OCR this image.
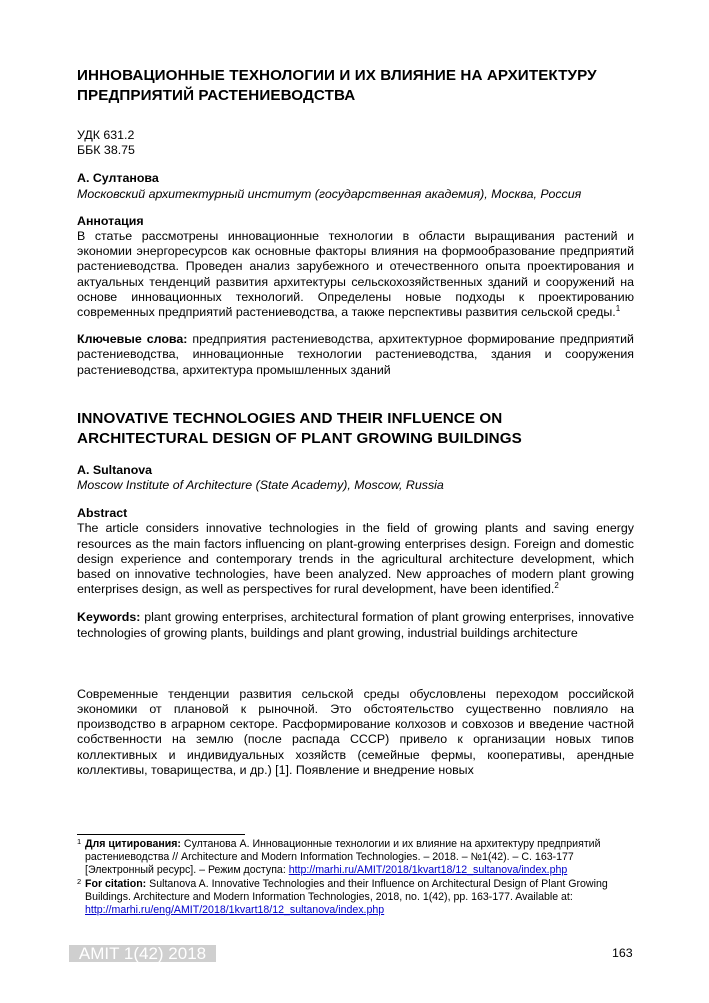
ИННОВАЦИОННЫЕ ТЕХНОЛОГИИ И ИХ ВЛИЯНИЕ НА АРХИТЕКТУРУ ПРЕДПРИЯТИЙ РАСТЕНИЕВОДСТВА
УДК 631.2
ББК 38.75
А. Султанова
Московский архитектурный институт (государственная академия), Москва, Россия
Аннотация
В статье рассмотрены инновационные технологии в области выращивания растений и экономии энергоресурсов как основные факторы влияния на формообразование предприятий растениеводства. Проведен анализ зарубежного и отечественного опыта проектирования и актуальных тенденций развития архитектуры сельскохозяйственных зданий и сооружений на основе инновационных технологий. Определены новые подходы к проектированию современных предприятий растениеводства, а также перспективы развития сельской среды.$^1$
Ключевые слова: предприятия растениеводства, архитектурное формирование предприятий растениеводства, инновационные технологии растениеводства, здания и сооружения растениеводства, архитектура промышленных зданий
INNOVATIVE TECHNOLOGIES AND THEIR INFLUENCE ON ARCHITECTURAL DESIGN OF PLANT GROWING BUILDINGS
A. Sultanova
Moscow Institute of Architecture (State Academy), Moscow, Russia
Abstract
The article considers innovative technologies in the field of growing plants and saving energy resources as the main factors influencing on plant-growing enterprises design. Foreign and domestic design experience and contemporary trends in the agricultural architecture development, which based on innovative technologies, have been analyzed. New approaches of modern plant growing enterprises design, as well as perspectives for rural development, have been identified.$^2$
Keywords: plant growing enterprises, architectural formation of plant growing enterprises, innovative technologies of growing plants, buildings and plant growing, industrial buildings architecture
Современные тенденции развития сельской среды обусловлены переходом российской экономики от плановой к рыночной. Это обстоятельство существенно повлияло на производство в аграрном секторе. Расформирование колхозов и совхозов и введение частной собственности на землю (после распада СССР) привело к организации новых типов коллективных и индивидуальных хозяйств (семейные фермы, кооперативы, арендные коллективы, товарищества, и др.) [1]. Появление и внедрение новых
1 Для цитирования: Султанова А. Инновационные технологии и их влияние на архитектуру предприятий растениеводства // Architecture and Modern Information Technologies. – 2018. – №1(42). – С. 163-177 [Электронный ресурс]. – Режим доступа: http://marhi.ru/AMIT/2018/1kvart18/12_sultanova/index.php
2 For citation: Sultanova A. Innovative Technologies and their Influence on Architectural Design of Plant Growing Buildings. Architecture and Modern Information Technologies, 2018, no. 1(42), pp. 163-177. Available at: http://marhi.ru/eng/AMIT/2018/1kvart18/12_sultanova/index.php
AMIT 1(42) 2018	163
